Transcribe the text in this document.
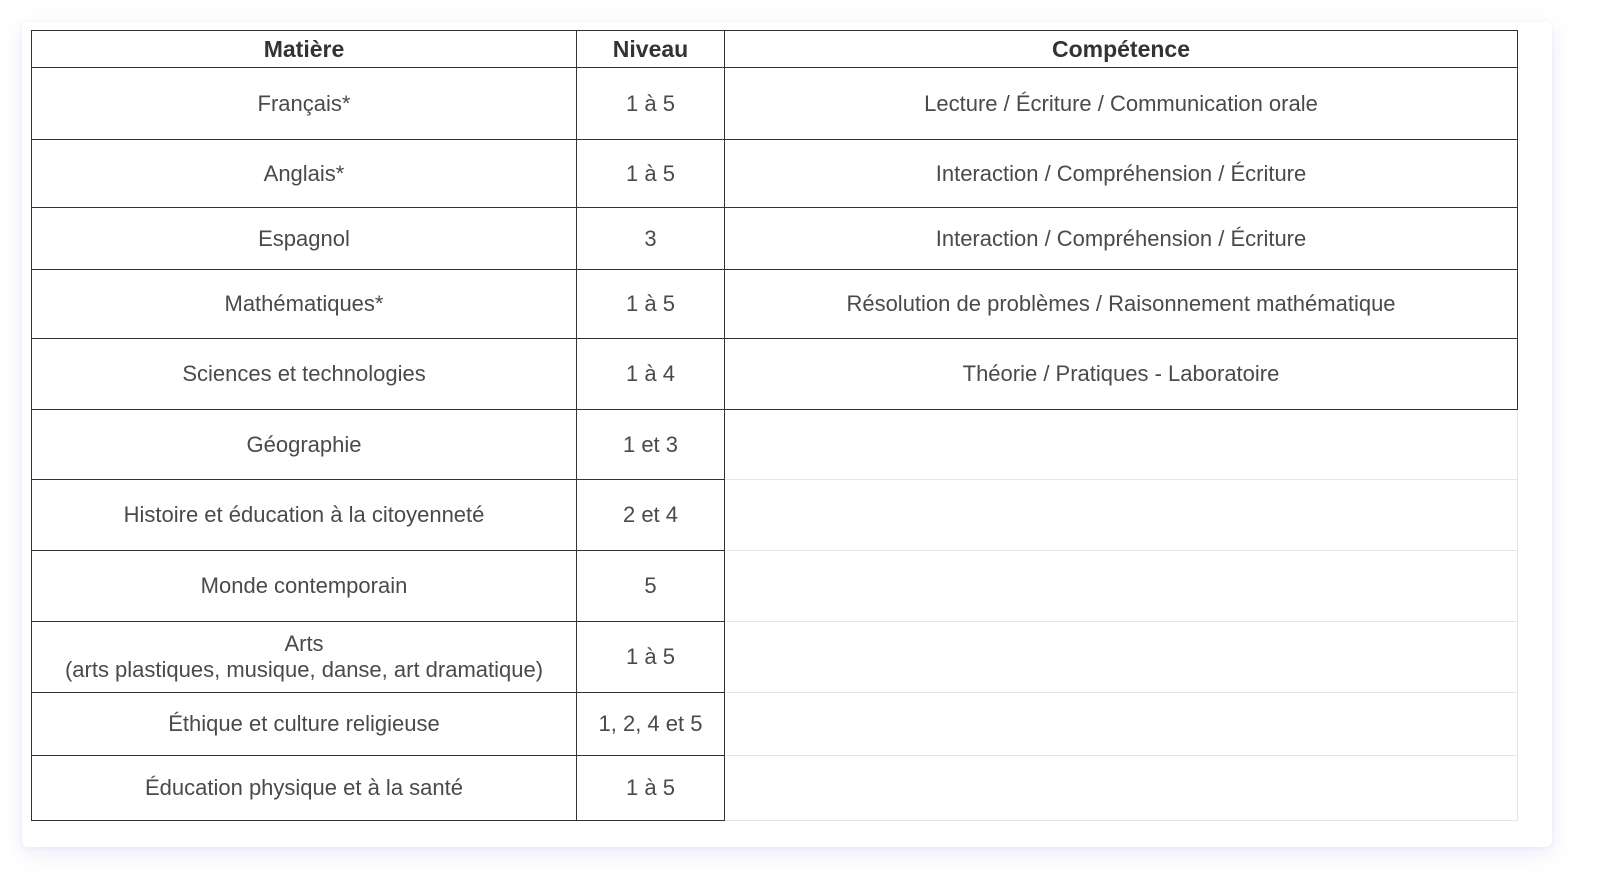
Matière	Niveau	Compétence
Français*	1 à 5	Lecture / Écriture / Communication orale
Anglais*	1 à 5	Interaction / Compréhension / Écriture
Espagnol	3	Interaction / Compréhension / Écriture
Mathématiques*	1 à 5	Résolution de problèmes / Raisonnement mathématique
Sciences et technologies	1 à 4	Théorie / Pratiques - Laboratoire
Géographie	1 et 3	
Histoire et éducation à la citoyenneté	2 et 4	
Monde contemporain	5	

Arts
(arts plastiques, musique, danse, art dramatique)	1 à 5	
Éthique et culture religieuse	1, 2, 4 et 5	
Éducation physique et à la santé	1 à 5	
